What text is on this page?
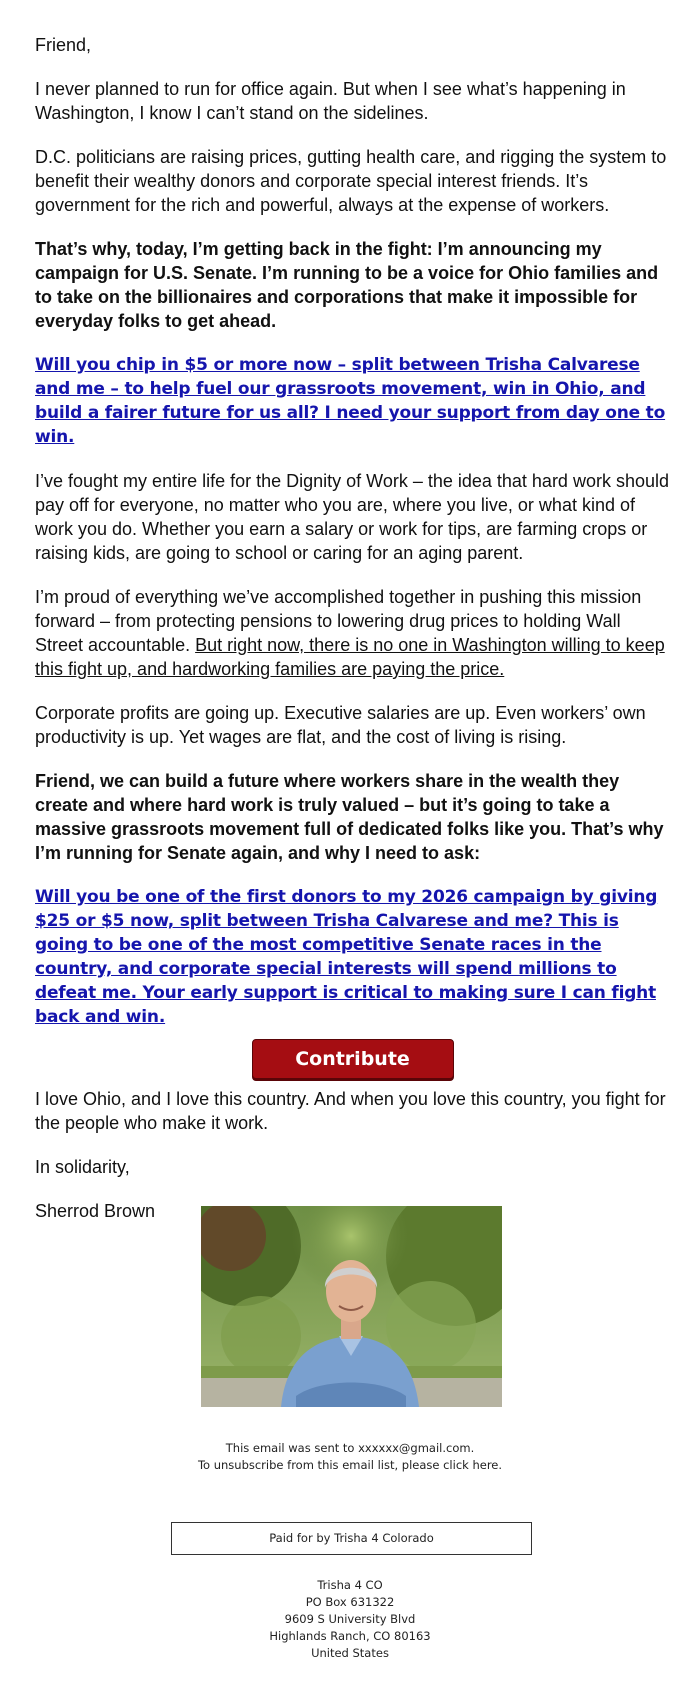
Friend,

I never planned to run for office again. But when I see what’s happening in Washington, I know I can’t stand on the sidelines.

D.C. politicians are raising prices, gutting health care, and rigging the system to benefit their wealthy donors and corporate special interest friends. It’s government for the rich and powerful, always at the expense of workers.

That’s why, today, I’m getting back in the fight: I’m announcing my campaign for U.S. Senate. I’m running to be a voice for Ohio families and to take on the billionaires and corporations that make it impossible for everyday folks to get ahead.

Will you chip in $5 or more now – split between Trisha Calvarese and me – to help fuel our grassroots movement, win in Ohio, and build a fairer future for us all? I need your support from day one to win.

I’ve fought my entire life for the Dignity of Work – the idea that hard work should pay off for everyone, no matter who you are, where you live, or what kind of work you do. Whether you earn a salary or work for tips, are farming crops or raising kids, are going to school or caring for an aging parent.

I’m proud of everything we’ve accomplished together in pushing this mission forward – from protecting pensions to lowering drug prices to holding Wall Street accountable. But right now, there is no one in Washington willing to keep this fight up, and hardworking families are paying the price.

Corporate profits are going up. Executive salaries are up. Even workers’ own productivity is up. Yet wages are flat, and the cost of living is rising.

Friend, we can build a future where workers share in the wealth they create and where hard work is truly valued – but it’s going to take a massive grassroots movement full of dedicated folks like you. That’s why I’m running for Senate again, and why I need to ask:

Will you be one of the first donors to my 2026 campaign by giving $25 or $5 now, split between Trisha Calvarese and me? This is going to be one of the most competitive Senate races in the country, and corporate special interests will spend millions to defeat me. Your early support is critical to making sure I can fight back and win.
Contribute

I love Ohio, and I love this country. And when you love this country, you fight for the people who make it work.

In solidarity,

Sherrod Brown

This email was sent to xxxxxx@gmail.com.
To unsubscribe from this email list, please click here.
Paid for by Trisha 4 Colorado
Trisha 4 CO
PO Box 631322
9609 S University Blvd
Highlands Ranch, CO 80163
United States
